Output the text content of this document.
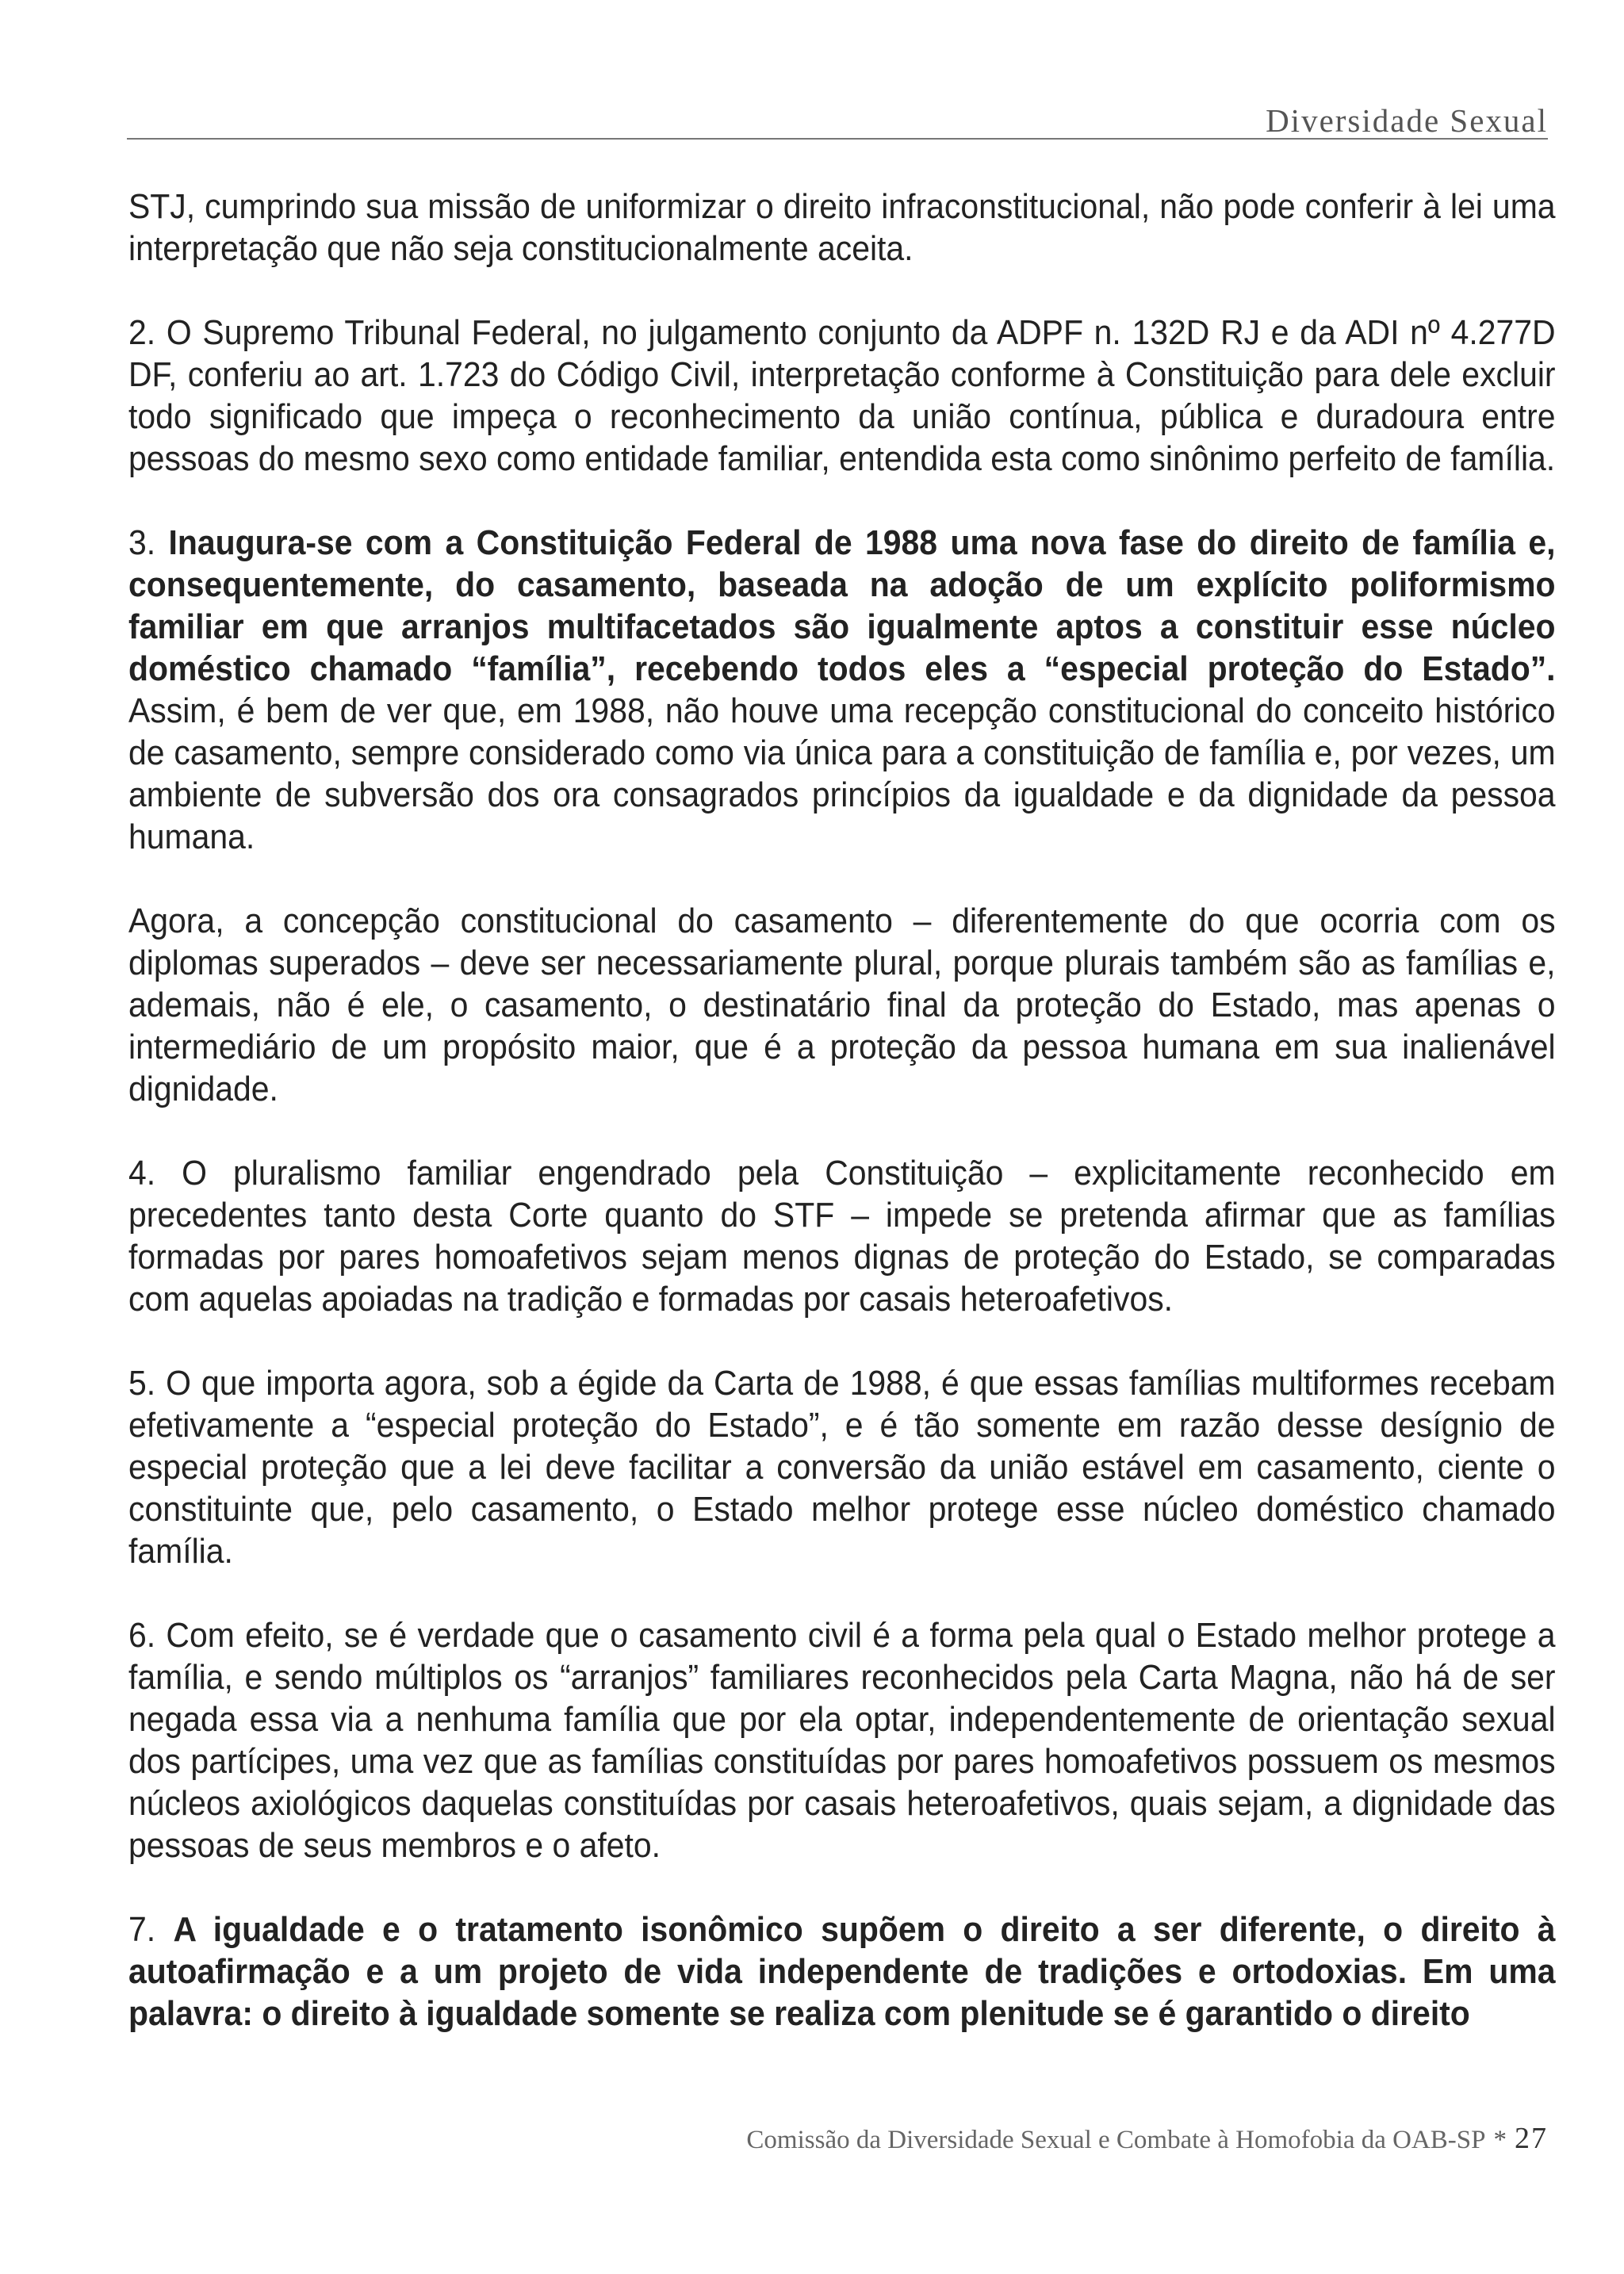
Diversidade Sexual

STJ, cumprindo sua missão de uniformizar o direito infraconstitucional, não pode conferir à lei uma interpretação que não seja constitucionalmente aceita.

2. O Supremo Tribunal Federal, no julgamento conjunto da ADPF n. 132D RJ e da ADI nº 4.277D DF, conferiu ao art. 1.723 do Código Civil, interpretação conforme à Constituição para dele excluir todo significado que impeça o reconhecimento da união contínua, pública e duradoura entre pessoas do mesmo sexo como entidade familiar, entendida esta como sinônimo perfeito de família.

3. Inaugura-se com a Constituição Federal de 1988 uma nova fase do direito de família e, consequentemente, do casamento, baseada na adoção de um explícito poliformismo familiar em que arranjos multifacetados são igualmente aptos a constituir esse núcleo doméstico chamado “família”, recebendo todos eles a “especial proteção do Estado”. Assim, é bem de ver que, em 1988, não houve uma recepção constitucional do conceito histórico de casamento, sempre considerado como via única para a constituição de família e, por vezes, um ambiente de subversão dos ora consagrados princípios da igualdade e da dignidade da pessoa humana.

Agora, a concepção constitucional do casamento – diferentemente do que ocorria com os diplomas superados – deve ser necessariamente plural, porque plurais também são as famílias e, ademais, não é ele, o casamento, o destinatário final da proteção do Estado, mas apenas o intermediário de um propósito maior, que é a proteção da pessoa humana em sua inalienável dignidade.

4. O pluralismo familiar engendrado pela Constituição – explicitamente reconhecido em precedentes tanto desta Corte quanto do STF – impede se pretenda afirmar que as famílias formadas por pares homoafetivos sejam menos dignas de proteção do Estado, se comparadas com aquelas apoiadas na tradição e formadas por casais heteroafetivos.

5. O que importa agora, sob a égide da Carta de 1988, é que essas famílias multiformes recebam efetivamente a “especial proteção do Estado”, e é tão somente em razão desse desígnio de especial proteção que a lei deve facilitar a conversão da união estável em casamento, ciente o constituinte que, pelo casamento, o Estado melhor protege esse núcleo doméstico chamado família.

6. Com efeito, se é verdade que o casamento civil é a forma pela qual o Estado melhor protege a família, e sendo múltiplos os “arranjos” familiares reconhecidos pela Carta Magna, não há de ser negada essa via a nenhuma família que por ela optar, independentemente de orientação sexual dos partícipes, uma vez que as famílias constituídas por pares homoafetivos possuem os mesmos núcleos axiológicos daquelas constituídas por casais heteroafetivos, quais sejam, a dignidade das pessoas de seus membros e o afeto.

7. A igualdade e o tratamento isonômico supõem o direito a ser diferente, o direito à autoafirmação e a um projeto de vida independente de tradições e ortodoxias. Em uma palavra: o direito à igualdade somente se realiza com plenitude se é garantido o direito

Comissão da Diversidade Sexual e Combate à Homofobia da OAB-SP * 27
